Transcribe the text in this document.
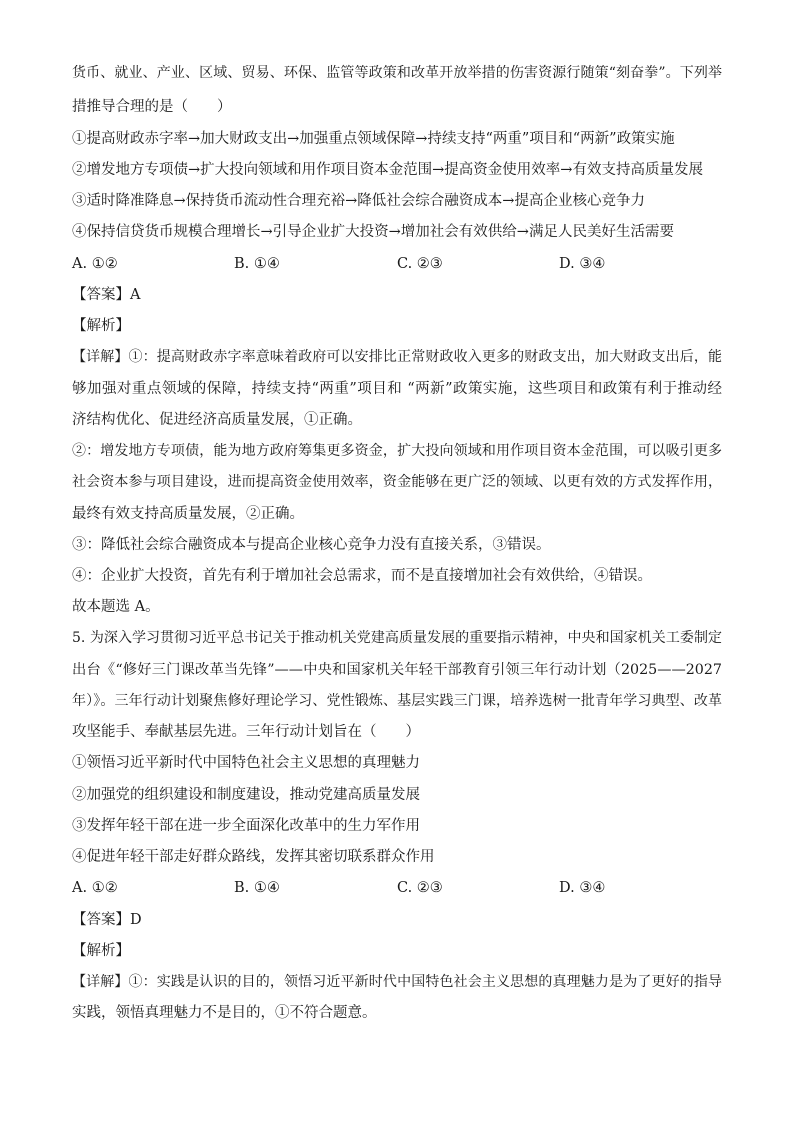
货币、就业、产业、区域、贸易、环保、监管等政策和改革开放举措的伤害资源行随策“刻奋拳”。下列举
措推导合理的是（　　）
①提高财政赤字率→加大财政支出→加强重点领域保障→持续支持“两重”项目和“两新”政策实施
②增发地方专项债→扩大投向领域和用作项目资本金范围→提高资金使用效率→有效支持高质量发展
③适时降准降息→保持货币流动性合理充裕→降低社会综合融资成本→提高企业核心竞争力
④保持信贷货币规模合理增长→引导企业扩大投资→增加社会有效供给→满足人民美好生活需要
A. ①②	B. ①④	C. ②③	D. ③④
【答案】A
【解析】
【详解】①：提高财政赤字率意味着政府可以安排比正常财政收入更多的财政支出，加大财政支出后，能
够加强对重点领域的保障，持续支持“两重”项目和 “两新”政策实施，这些项目和政策有利于推动经
济结构优化、促进经济高质量发展，①正确。
②：增发地方专项债，能为地方政府筹集更多资金，扩大投向领域和用作项目资本金范围，可以吸引更多
社会资本参与项目建设，进而提高资金使用效率，资金能够在更广泛的领域、以更有效的方式发挥作用，
最终有效支持高质量发展，②正确。
③：降低社会综合融资成本与提高企业核心竞争力没有直接关系，③错误。
④：企业扩大投资，首先有利于增加社会总需求，而不是直接增加社会有效供给，④错误。
故本题选 A。
5. 为深入学习贯彻习近平总书记关于推动机关党建高质量发展的重要指示精神，中央和国家机关工委制定
出台《“修好三门课改革当先锋”——中央和国家机关年轻干部教育引领三年行动计划（2025——2027
年）》。三年行动计划聚焦修好理论学习、党性锻炼、基层实践三门课，培养选树一批青年学习典型、改革
攻坚能手、奉献基层先进。三年行动计划旨在（　　）
①领悟习近平新时代中国特色社会主义思想的真理魅力
②加强党的组织建设和制度建设，推动党建高质量发展
③发挥年轻干部在进一步全面深化改革中的生力军作用
④促进年轻干部走好群众路线，发挥其密切联系群众作用
A. ①②	B. ①④	C. ②③	D. ③④
【答案】D
【解析】
【详解】①：实践是认识的目的，领悟习近平新时代中国特色社会主义思想的真理魅力是为了更好的指导
实践，领悟真理魅力不是目的，①不符合题意。
